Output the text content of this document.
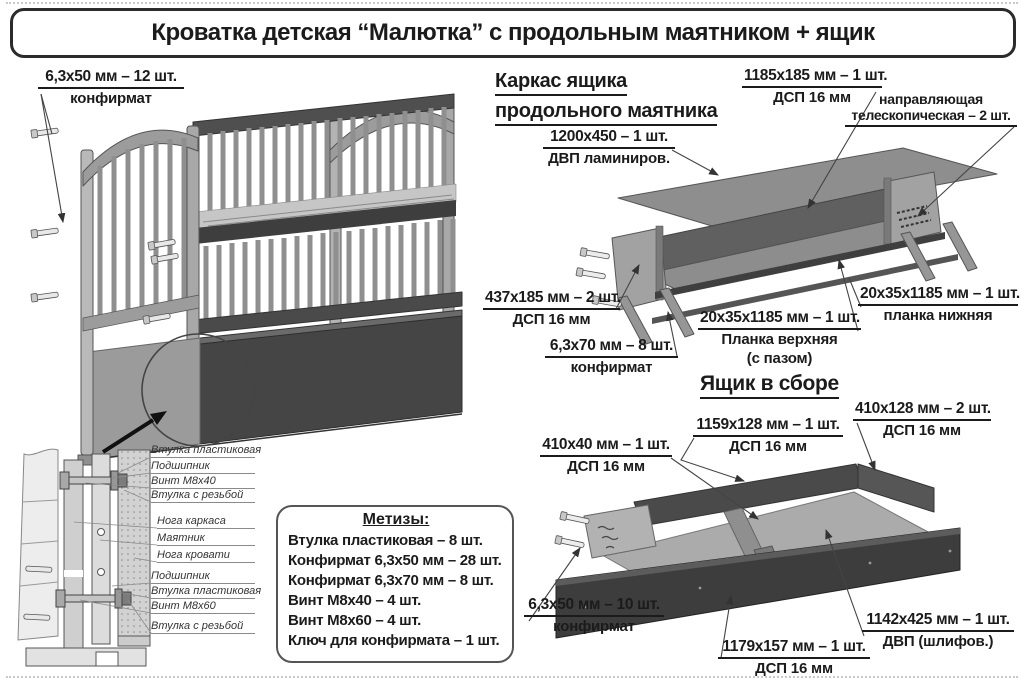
Кроватка детская “Малютка” с продольным маятником + ящик
Каркас ящика
продольного маятника
Ящик в сборе
6,3x50 мм – 12 шт.
конфирмат
1185x185 мм – 1 шт.
ДСП 16 мм	направляющая
телескопическая – 2 шт.
1200x450 – 1 шт.
ДВП ламиниров.
437x185 мм – 2 шт.
ДСП 16 мм
6,3x70 мм – 8 шт.
конфирмат
20x35x1185 мм – 1 шт.
Планка верхняя
(с пазом)
20x35x1185 мм – 1 шт.
планка нижняя
410x128 мм – 2 шт.
ДСП 16 мм
1159x128 мм – 1 шт.
ДСП 16 мм
410x40 мм – 1 шт.
ДСП 16 мм
6,3x50 мм – 10 шт.
конфирмат
1179x157 мм – 1 шт.
ДСП 16 мм
1142x425 мм – 1 шт.
ДВП (шлифов.)
Втулка пластиковая
Подшипник
Винт М8х40
Втулка с резьбой
Нога каркаса
Маятник
Нога кровати
Подшипник
Втулка пластиковая
Винт М8х60
Втулка с резьбой
Метизы:
Втулка пластиковая – 8 шт.
Конфирмат 6,3х50 мм – 28 шт.
Конфирмат 6,3х70 мм – 8 шт.
Винт М8х40 – 4 шт.
Винт М8х60 – 4 шт.
Ключ для конфирмата – 1 шт.
